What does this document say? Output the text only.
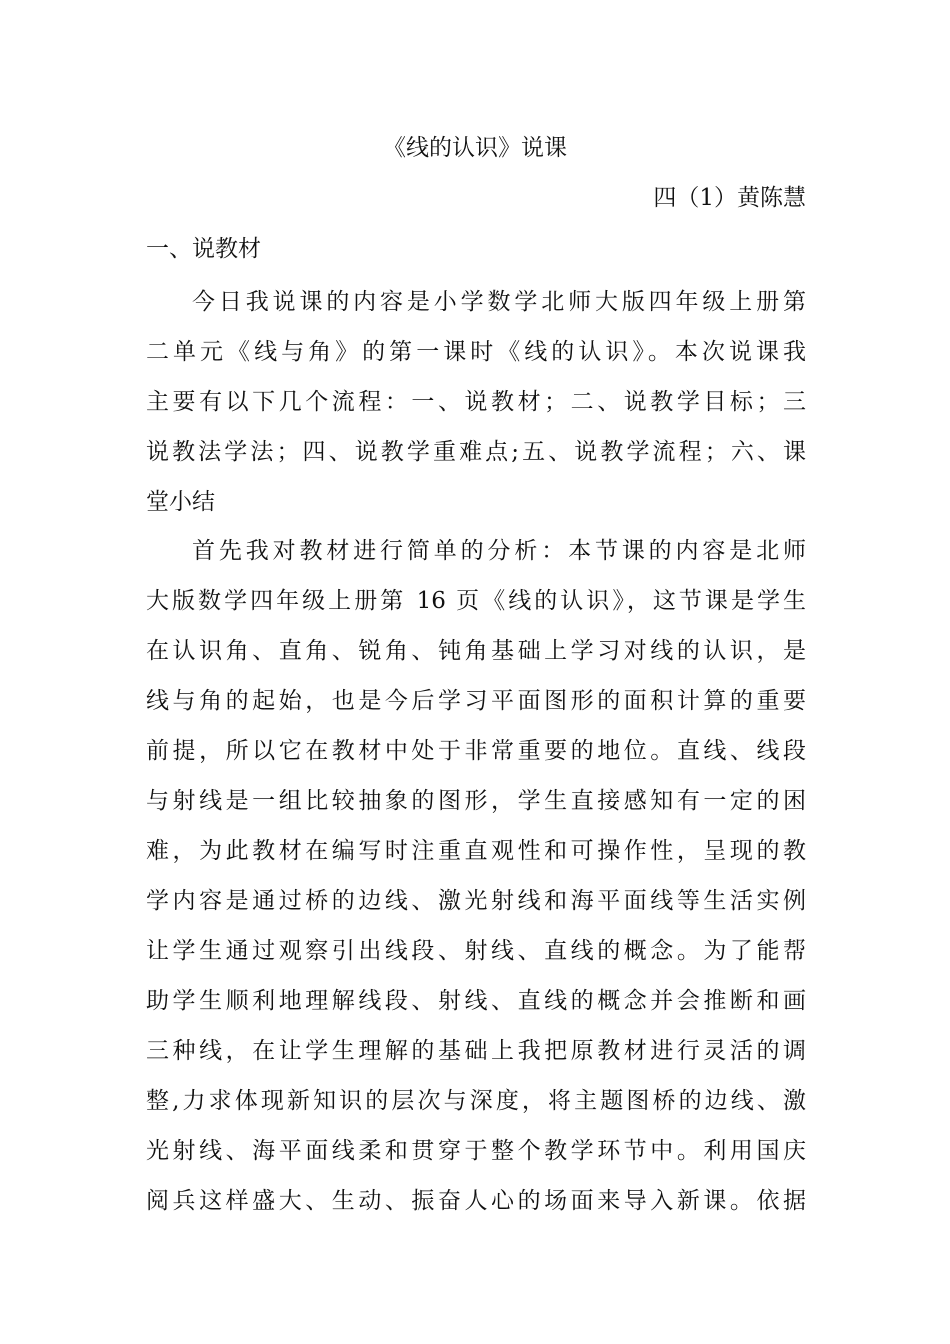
《线的认识》说课
四（1）黄陈慧
一、说教材
今日我说课的内容是小学数学北师大版四年级上册第
二单元《线与角》的第一课时《线的认识》。本次说课我
主要有以下几个流程：一、说教材；二、说教学目标；三
说教法学法；四、说教学重难点;五、说教学流程；六、课
堂小结
首先我对教材进行简单的分析：本节课的内容是北师
大版数学四年级上册第 16 页《线的认识》，这节课是学生
在认识角、直角、锐角、钝角基础上学习对线的认识，是
线与角的起始，也是今后学习平面图形的面积计算的重要
前提，所以它在教材中处于非常重要的地位。直线、线段
与射线是一组比较抽象的图形，学生直接感知有一定的困
难，为此教材在编写时注重直观性和可操作性，呈现的教
学内容是通过桥的边线、激光射线和海平面线等生活实例
让学生通过观察引出线段、射线、直线的概念。为了能帮
助学生顺利地理解线段、射线、直线的概念并会推断和画
三种线，在让学生理解的基础上我把原教材进行灵活的调
整,力求体现新知识的层次与深度，将主题图桥的边线、激
光射线、海平面线柔和贯穿于整个教学环节中。利用国庆
阅兵这样盛大、生动、振奋人心的场面来导入新课。依据
